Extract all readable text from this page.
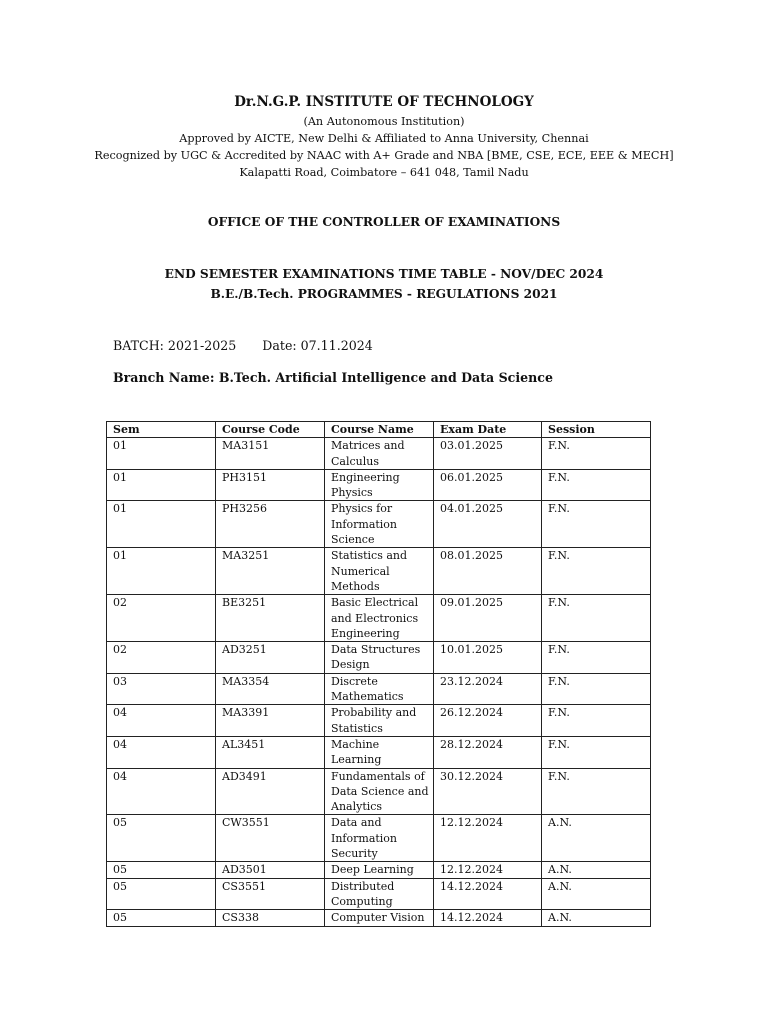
Dr.N.G.P. INSTITUTE OF TECHNOLOGY
(An Autonomous Institution)
Approved by AICTE, New Delhi & Affiliated to Anna University, Chennai
Recognized by UGC & Accredited by NAAC with A+ Grade and NBA [BME, CSE, ECE, EEE & MECH]
Kalapatti Road, Coimbatore – 641 048, Tamil Nadu
OFFICE OF THE CONTROLLER OF EXAMINATIONS
END SEMESTER EXAMINATIONS TIME TABLE - NOV/DEC 2024
B.E./B.Tech. PROGRAMMES - REGULATIONS 2021
BATCH: 2021-2025 Date: 07.11.2024
Branch Name: B.Tech. Artificial Intelligence and Data Science
Sem	Course Code	Course Name	Exam Date	Session
01	MA3151	Matrices and Calculus	03.01.2025	F.N.
01	PH3151	Engineering Physics	06.01.2025	F.N.
01	PH3256	Physics for Information Science	04.01.2025	F.N.
01	MA3251	Statistics and Numerical Methods	08.01.2025	F.N.
02	BE3251	Basic Electrical and Electronics Engineering	09.01.2025	F.N.
02	AD3251	Data Structures Design	10.01.2025	F.N.
03	MA3354	Discrete Mathematics	23.12.2024	F.N.
04	MA3391	Probability and Statistics	26.12.2024	F.N.
04	AL3451	Machine Learning	28.12.2024	F.N.
04	AD3491	Fundamentals of Data Science and Analytics	30.12.2024	F.N.
05	CW3551	Data and Information Security	12.12.2024	A.N.
05	AD3501	Deep Learning	12.12.2024	A.N.
05	CS3551	Distributed Computing	14.12.2024	A.N.
05	CS338	Computer Vision	14.12.2024	A.N.
